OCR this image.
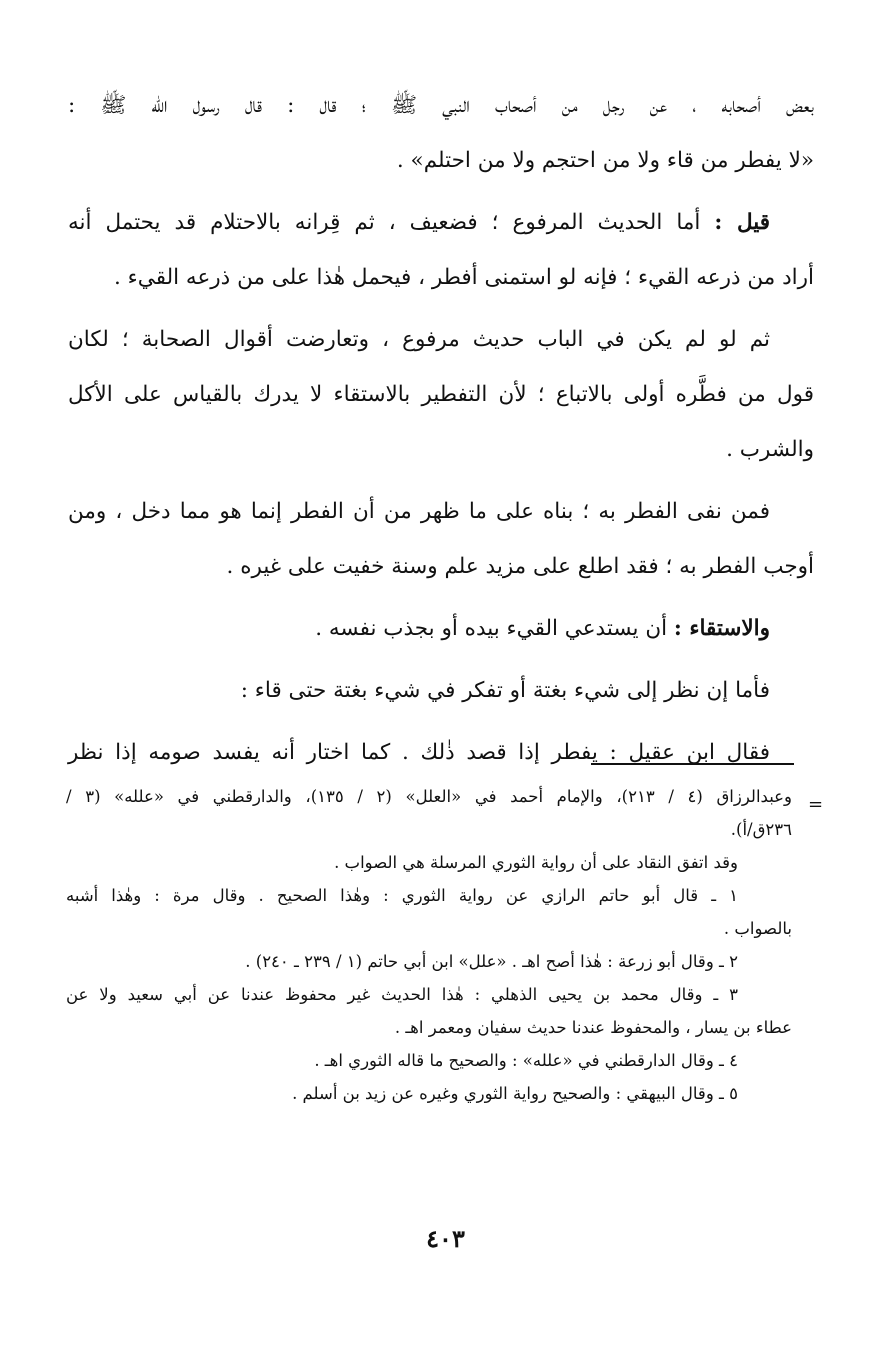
بعض أصحابه ، عن رجل من أصحاب النبي ﷺ ؛ قال : قال رسول الله ﷺ :
«لا يفطر من قاء ولا من احتجم ولا من احتلم» .

قيل : أما الحديث المرفوع ؛ فضعيف ، ثم قِرانه بالاحتلام قد يحتمل أنه
أراد من ذرعه القيء ؛ فإنه لو استمنى أفطر ، فيحمل هٰذا على من ذرعه القيء .

ثم لو لم يكن في الباب حديث مرفوع ، وتعارضت أقوال الصحابة ؛ لكان
قول من فطَّره أولى بالاتباع ؛ لأن التفطير بالاستقاء لا يدرك بالقياس على الأكل
والشرب .

فمن نفى الفطر به ؛ بناه على ما ظهر من أن الفطر إنما هو مما دخل ، ومن
أوجب الفطر به ؛ فقد اطلع على مزيد علم وسنة خفيت على غيره .

والاستقاء : أن يستدعي القيء بيده أو بجذب نفسه .

فأما إن نظر إلى شيء بغتة أو تفكر في شيء بغتة حتى قاء :

فقال ابن عقيل : يفطر إذا قصد ذٰلك . كما اختار أنه يفسد صومه إذا نظر

=

وعبدالرزاق (٤ / ٢١٣)، والإمام أحمد في «العلل» (٢ / ١٣٥)، والدارقطني في «علله» (٣ /
٢٣٦ق/أ).

وقد اتفق النقاد على أن رواية الثوري المرسلة هي الصواب .

١ ـ قال أبو حاتم الرازي عن رواية الثوري : وهٰذا الصحيح . وقال مرة : وهٰذا أشبه
بالصواب .

٢ ـ وقال أبو زرعة : هٰذا أصح اهـ . «علل» ابن أبي حاتم (١ / ٢٣٩ ـ ٢٤٠) .

٣ ـ وقال محمد بن يحيى الذهلي : هٰذا الحديث غير محفوظ عندنا عن أبي سعيد ولا عن
عطاء بن يسار ، والمحفوظ عندنا حديث سفيان ومعمر اهـ .

٤ ـ وقال الدارقطني في «علله» : والصحيح ما قاله الثوري اهـ .

٥ ـ وقال البيهقي : والصحيح رواية الثوري وغيره عن زيد بن أسلم .

٤٠٣
